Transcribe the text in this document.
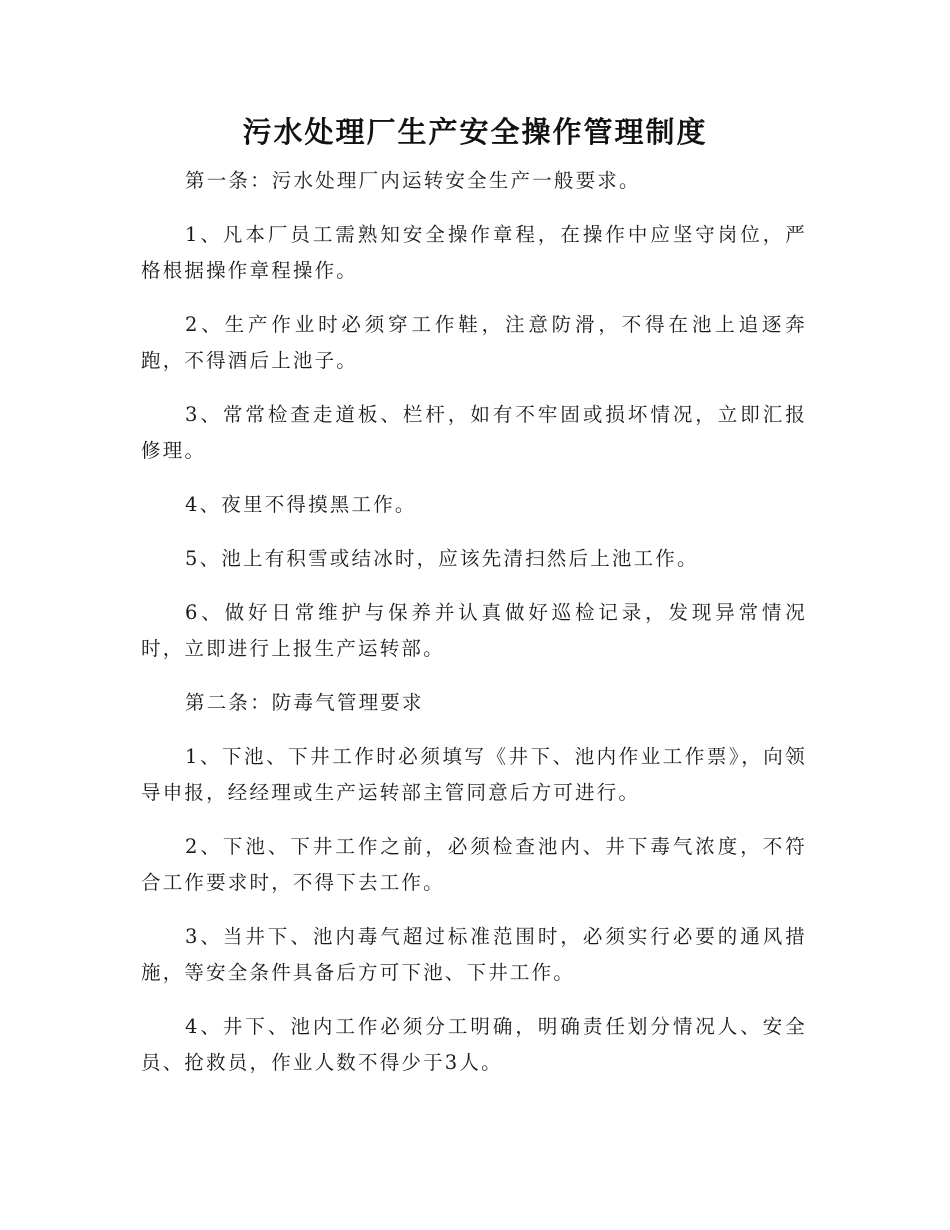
污水处理厂生产安全操作管理制度

第一条：污水处理厂内运转安全生产一般要求。

1、凡本厂员工需熟知安全操作章程，在操作中应坚守岗位，严格根据操作章程操作。

2、生产作业时必须穿工作鞋，注意防滑，不得在池上追逐奔跑，不得酒后上池子。

3、常常检查走道板、栏杆，如有不牢固或损坏情况，立即汇报修理。

4、夜里不得摸黑工作。

5、池上有积雪或结冰时，应该先清扫然后上池工作。

6、做好日常维护与保养并认真做好巡检记录，发现异常情况时，立即进行上报生产运转部。

第二条：防毒气管理要求

1、下池、下井工作时必须填写《井下、池内作业工作票》，向领导申报，经经理或生产运转部主管同意后方可进行。

2、下池、下井工作之前，必须检查池内、井下毒气浓度，不符合工作要求时，不得下去工作。

3、当井下、池内毒气超过标准范围时，必须实行必要的通风措施，等安全条件具备后方可下池、下井工作。

4、井下、池内工作必须分工明确，明确责任划分情况人、安全员、抢救员，作业人数不得少于3人。
